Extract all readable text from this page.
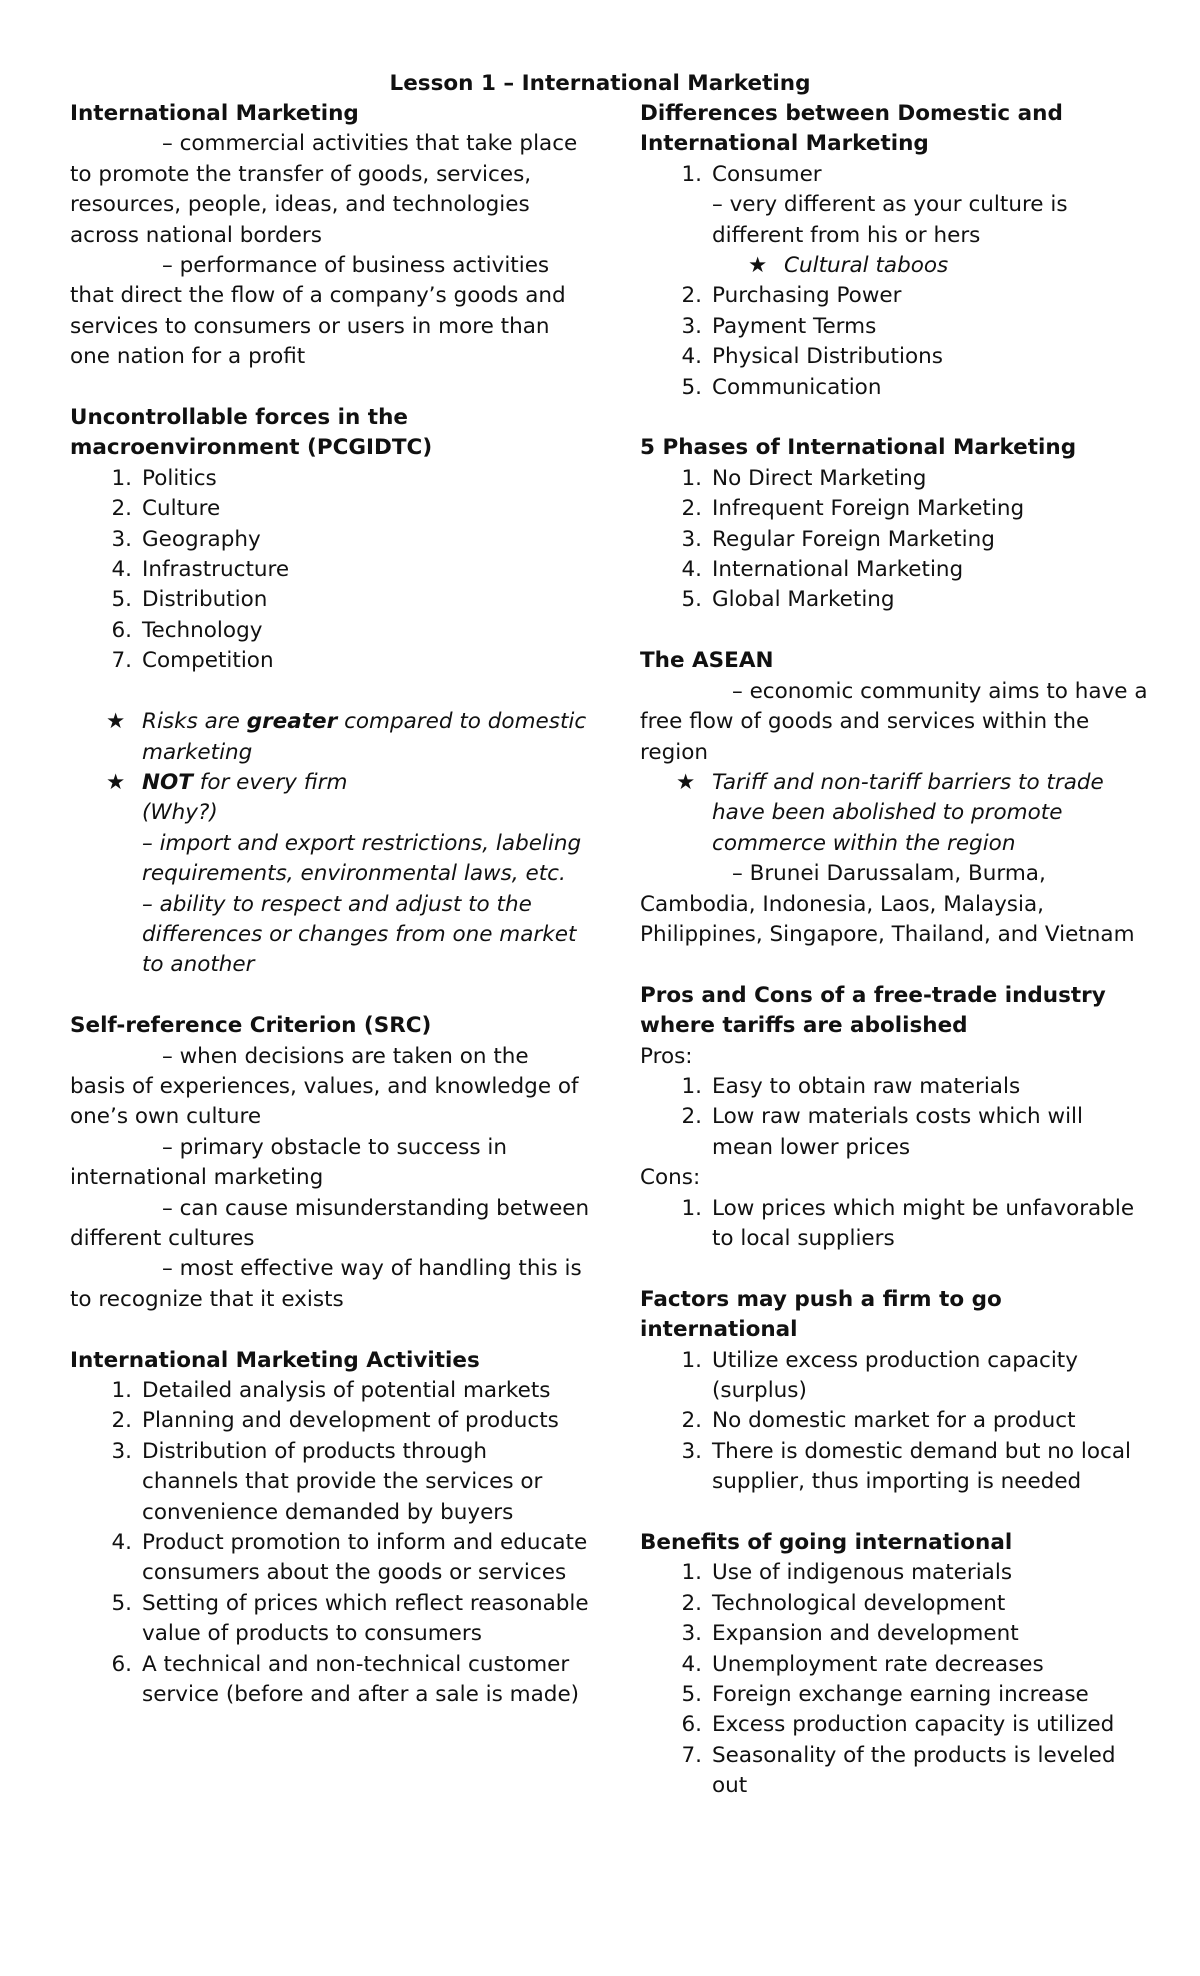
Lesson 1 – International Marketing
International Marketing
– commercial activities that take place to promote the transfer of goods, services, resources, people, ideas, and technologies across national borders
– performance of business activities that direct the flow of a company’s goods and services to consumers or users in more than one nation for a profit
Uncontrollable forces in the macroenvironment (PCGIDTC)
1. Politics
2. Culture
3. Geography
4. Infrastructure
5. Distribution
6. Technology
7. Competition
★ Risks are greater compared to domestic marketing
★ NOT for every firm
(Why?)
– import and export restrictions, labeling requirements, environmental laws, etc.
– ability to respect and adjust to the differences or changes from one market to another
Self-reference Criterion (SRC)
– when decisions are taken on the basis of experiences, values, and knowledge of one’s own culture
– primary obstacle to success in international marketing
– can cause misunderstanding between different cultures
– most effective way of handling this is to recognize that it exists
International Marketing Activities
1. Detailed analysis of potential markets
2. Planning and development of products
3. Distribution of products through channels that provide the services or convenience demanded by buyers
4. Product promotion to inform and educate consumers about the goods or services
5. Setting of prices which reflect reasonable value of products to consumers
6. A technical and non-technical customer service (before and after a sale is made)
Differences between Domestic and International Marketing
1. Consumer
– very different as your culture is different from his or hers
★ Cultural taboos
2. Purchasing Power
3. Payment Terms
4. Physical Distributions
5. Communication
5 Phases of International Marketing
1. No Direct Marketing
2. Infrequent Foreign Marketing
3. Regular Foreign Marketing
4. International Marketing
5. Global Marketing
The ASEAN
– economic community aims to have a free flow of goods and services within the region
★ Tariff and non-tariff barriers to trade have been abolished to promote commerce within the region
– Brunei Darussalam, Burma, Cambodia, Indonesia, Laos, Malaysia, Philippines, Singapore, Thailand, and Vietnam
Pros and Cons of a free-trade industry where tariffs are abolished
Pros:
1. Easy to obtain raw materials
2. Low raw materials costs which will mean lower prices
Cons:
1. Low prices which might be unfavorable to local suppliers
Factors may push a firm to go international
1. Utilize excess production capacity (surplus)
2. No domestic market for a product
3. There is domestic demand but no local supplier, thus importing is needed
Benefits of going international
1. Use of indigenous materials
2. Technological development
3. Expansion and development
4. Unemployment rate decreases
5. Foreign exchange earning increase
6. Excess production capacity is utilized
7. Seasonality of the products is leveled out
